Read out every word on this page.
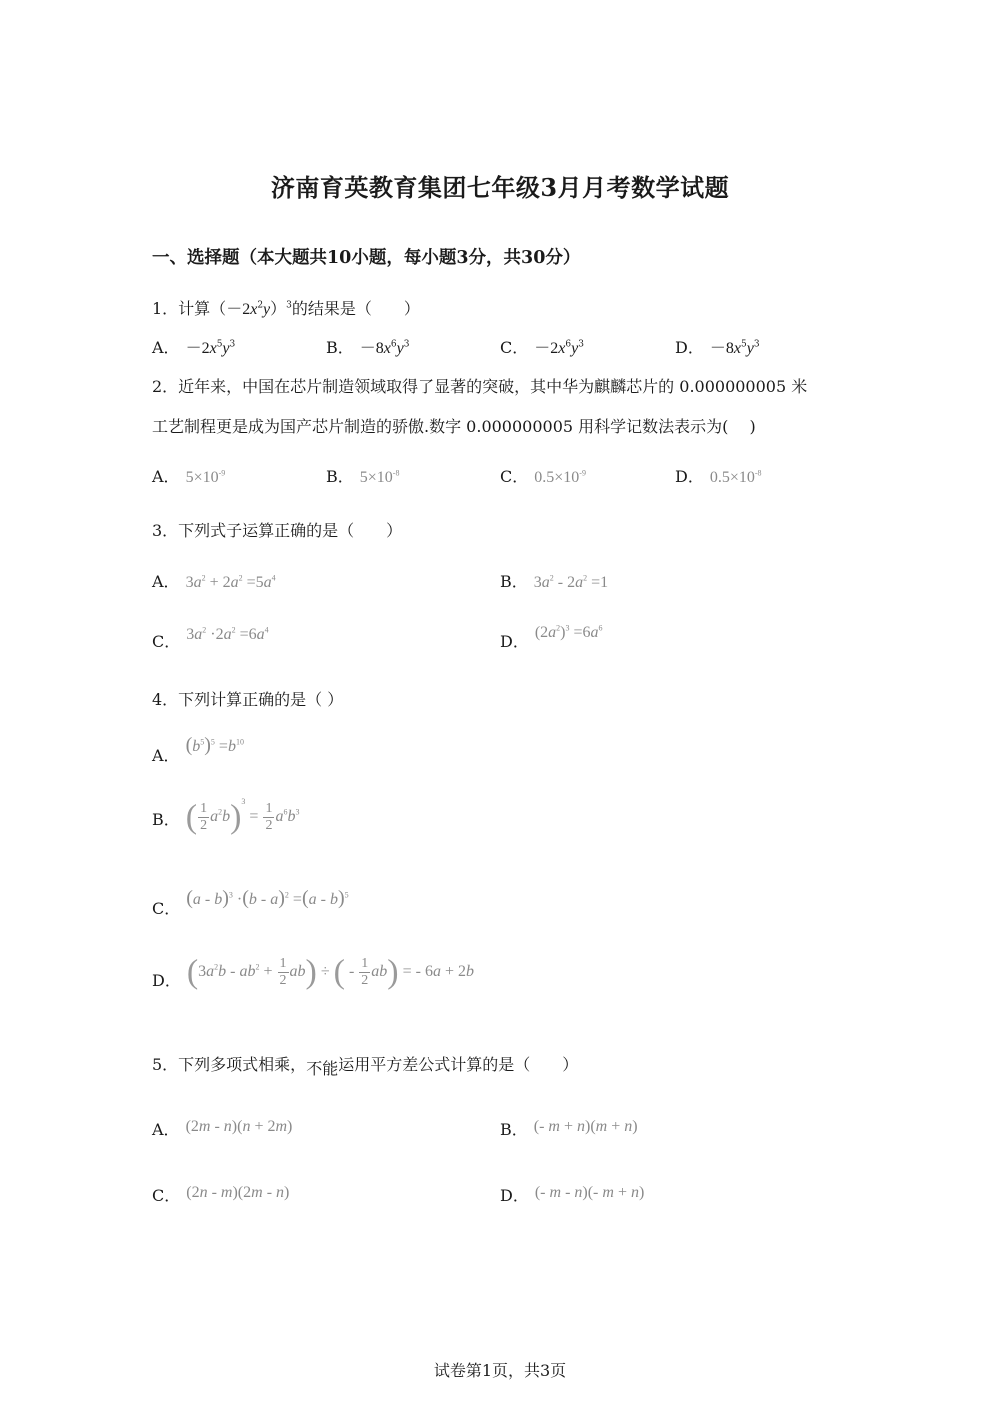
济南育英教育集团七年级3月月考数学试题
一、选择题（本大题共10小题，每小题3分，共30分）
1．计算$(-2x^2y)^3$的结果是（　　）
A． $-2x^5y^3$	B． $-8x^6y^3$	C． $-2x^6y^3$	D． $-8x^5y^3$
2．近年来，中国在芯片制造领域取得了显著的突破，其中华为麒麟芯片的 0.000000005 米
工艺制程更是成为国产芯片制造的骄傲.数字 0.000000005 用科学记数法表示为(　 )
A． $5\times 10^{-9}$	B． $5\times 10^{-8}$	C． $0.5\times 10^{-9}$	D． $0.5\times 10^{-8}$
3．下列式子运算正确的是（　　）
A． $3a^2 + 2a^2 =5a^4$	B． $3a^2 - 2a^2 =1$
C． $3a^2 \cdot 2a^2 =6a^4$
D． $(2a^2)^3 =6a^6$
4．下列计算正确的是（ ）
A． $(b^5)^5 =b^{10}$
B． ( $\frac{1}{2} a^2b)^3 = \frac{1}{2} a^6b^3$
C． (a - b)$^3$ ·(b - a)$^2$ =(a - b)$^5$
D． $(3a^2b - ab^2 + \frac{1}{2} ab)$ ÷ ( - $\frac{1}{2} ab$) = - 6a + 2b
5．下列多项式相乘，不能运用平方差公式计算的是（　　）
A． (2m - n)(n + 2m)	B． (- m + n)(m + n)
C． (2n - m)(2m - n)	D． (- m - n)(- m + n)
试卷第1页，共3页
